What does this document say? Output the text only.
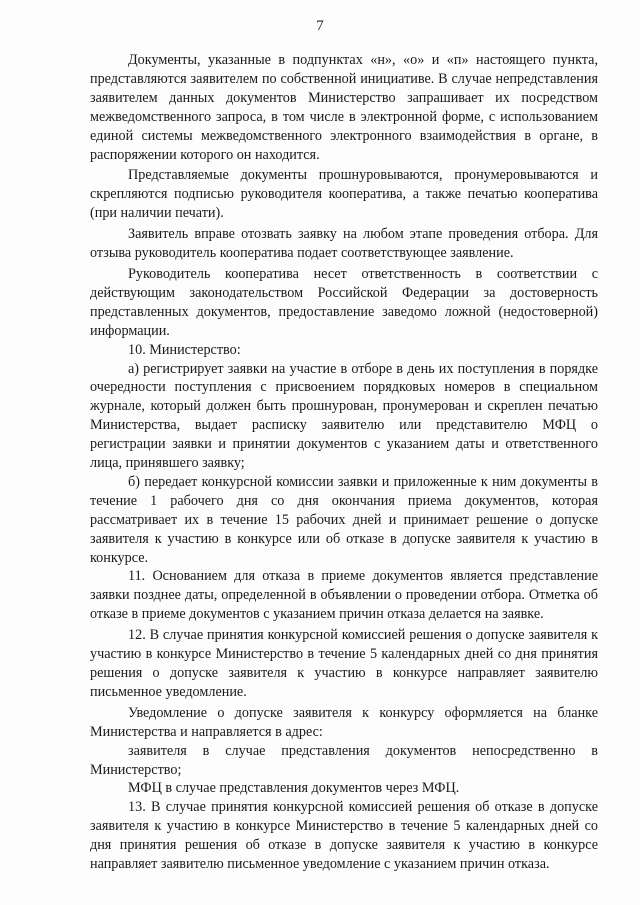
7

Документы, указанные в подпунктах «н», «о» и «п» настоящего пункта, представляются заявителем по собственной инициативе. В случае непредставления заявителем данных документов Министерство запрашивает их посредством межведомственного запроса, в том числе в электронной форме, с использованием единой системы межведомственного электронного взаимодействия в органе, в распоряжении которого он находится.

Представляемые документы прошнуровываются, пронумеровываются и скрепляются подписью руководителя кооператива, а также печатью кооператива (при наличии печати).

Заявитель вправе отозвать заявку на любом этапе проведения отбора. Для отзыва руководитель кооператива подает соответствующее заявление.

Руководитель кооператива несет ответственность в соответствии с действующим законодательством Российской Федерации за достоверность представленных документов, предоставление заведомо ложной (недостоверной) информации.

10. Министерство:

а) регистрирует заявки на участие в отборе в день их поступления в порядке очередности поступления с присвоением порядковых номеров в специальном журнале, который должен быть прошнурован, пронумерован и скреплен печатью Министерства, выдает расписку заявителю или представителю МФЦ о регистрации заявки и принятии документов с указанием даты и ответственного лица, принявшего заявку;

б) передает конкурсной комиссии заявки и приложенные к ним документы в течение 1 рабочего дня со дня окончания приема документов, которая рассматривает их в течение 15 рабочих дней и принимает решение о допуске заявителя к участию в конкурсе или об отказе в допуске заявителя к участию в конкурсе.

11. Основанием для отказа в приеме документов является представление заявки позднее даты, определенной в объявлении о проведении отбора. Отметка об отказе в приеме документов с указанием причин отказа делается на заявке.

12. В случае принятия конкурсной комиссией решения о допуске заявителя к участию в конкурсе Министерство в течение 5 календарных дней со дня принятия решения о допуске заявителя к участию в конкурсе направляет заявителю письменное уведомление.

Уведомление о допуске заявителя к конкурсу оформляется на бланке Министерства и направляется в адрес:

заявителя в случае представления документов непосредственно в Министерство;

МФЦ в случае представления документов через МФЦ.

13. В случае принятия конкурсной комиссией решения об отказе в допуске заявителя к участию в конкурсе Министерство в течение 5 календарных дней со дня принятия решения об отказе в допуске заявителя к участию в конкурсе направляет заявителю письменное уведомление с указанием причин отказа.
